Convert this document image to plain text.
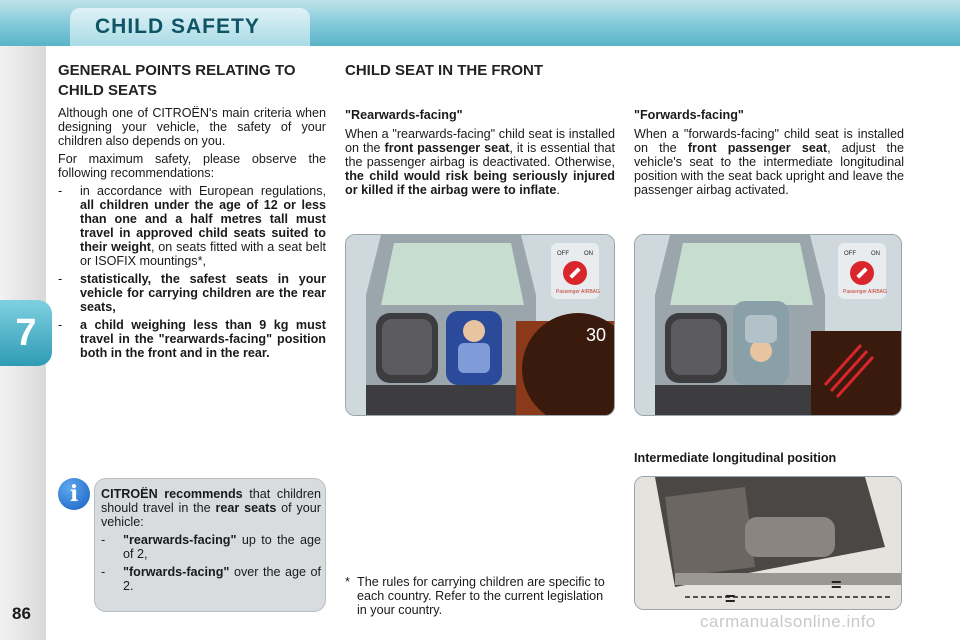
CHILD SAFETY
7
86
GENERAL POINTS RELATING TO CHILD SEATS

Although one of CITROËN's main criteria when designing your vehicle, the safety of your children also depends on you.

For maximum safety, please observe the following recommendations:

-	in accordance with European regulations, all children under the age of 12 or less than one and a half metres tall must travel in approved child seats suited to their weight, on seats fitted with a seat belt or ISOFIX mountings*,
-	statistically, the safest seats in your vehicle for carrying children are the rear seats,
-	a child weighing less than 9 kg must travel in the "rearwards-facing" position both in the front and in the rear.

CITROËN recommends that children should travel in the rear seats of your vehicle:

-	"rearwards-facing" up to the age of 2,
-	"forwards-facing" over the age of 2.
i
CHILD SEAT IN THE FRONT
"Rearwards-facing"

When a "rearwards-facing" child seat is installed on the front passenger seat, it is essential that the passenger airbag is deactivated. Otherwise, the child would risk being seriously injured or killed if the airbag were to inflate.

"Forwards-facing"

When a "forwards-facing" child seat is installed on the front passenger seat, adjust the vehicle's seat to the intermediate longitudinal position with the seat back upright and leave the passenger airbag activated.

30
OFF	ON
Passenger AIRBAG
OFF	ON
Passenger AIRBAG
Intermediate longitudinal position
=
=
* The rules for carrying children are specific to each country. Refer to the current legislation in your country.
carmanualsonline.info
